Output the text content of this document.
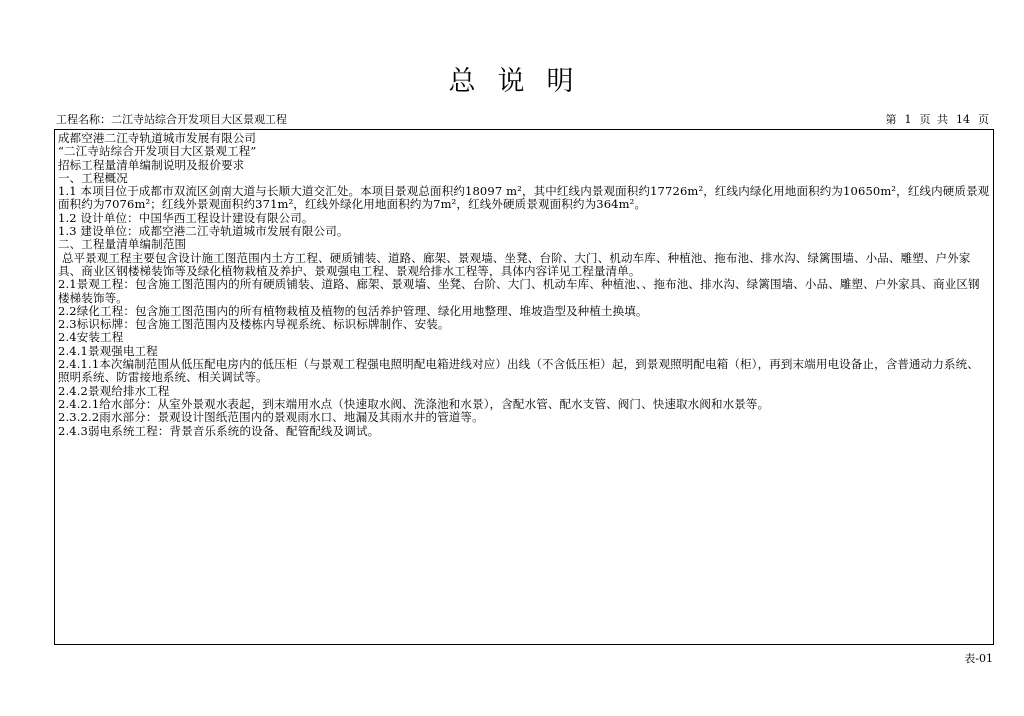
总说明
工程名称：二江寺站综合开发项目大区景观工程	第 1 页 共 14 页

成都空港二江寺轨道城市发展有限公司

“二江寺站综合开发项目大区景观工程”

招标工程量清单编制说明及报价要求

一、工程概况

1.1 本项目位于成都市双流区剑南大道与长顺大道交汇处。本项目景观总面积约18097 m²，其中红线内景观面积约17726m²，红线内绿化用地面积约为10650m²，红线内硬质景观面积约为7076m²；红线外景观面积约371m²，红线外绿化用地面积约为7m²，红线外硬质景观面积约为364m²。

1.2 设计单位：中国华西工程设计建设有限公司。

1.3 建设单位：成都空港二江寺轨道城市发展有限公司。

二、工程量清单编制范围

总平景观工程主要包含设计施工图范围内土方工程、硬质铺装、道路、廊架、景观墙、坐凳、台阶、大门、机动车库、种植池、拖布池、排水沟、绿篱围墙、小品、雕塑、户外家具、商业区钢楼梯装饰等及绿化植物栽植及养护、景观强电工程、景观给排水工程等，具体内容详见工程量清单。

2.1景观工程：包含施工图范围内的所有硬质铺装、道路、廊架、景观墙、坐凳、台阶、大门、机动车库、种植池、、拖布池、排水沟、绿篱围墙、小品、雕塑、户外家具、商业区钢楼梯装饰等。

2.2绿化工程：包含施工图范围内的所有植物栽植及植物的包活养护管理、绿化用地整理、堆坡造型及种植土换填。

2.3标识标牌：包含施工图范围内及楼栋内导视系统、标识标牌制作、安装。

2.4安装工程

2.4.1景观强电工程

2.4.1.1本次编制范围从低压配电房内的低压柜（与景观工程强电照明配电箱进线对应）出线（不含低压柜）起，到景观照明配电箱（柜），再到末端用电设备止，含普通动力系统、照明系统、防雷接地系统、相关调试等。

2.4.2景观给排水工程

2.4.2.1给水部分：从室外景观水表起，到末端用水点（快速取水阀、洗涤池和水景），含配水管、配水支管、阀门、快速取水阀和水景等。

2.3.2.2雨水部分：景观设计图纸范围内的景观雨水口、地漏及其雨水井的管道等。

2.4.3弱电系统工程：背景音乐系统的设备、配管配线及调试。

表-01
